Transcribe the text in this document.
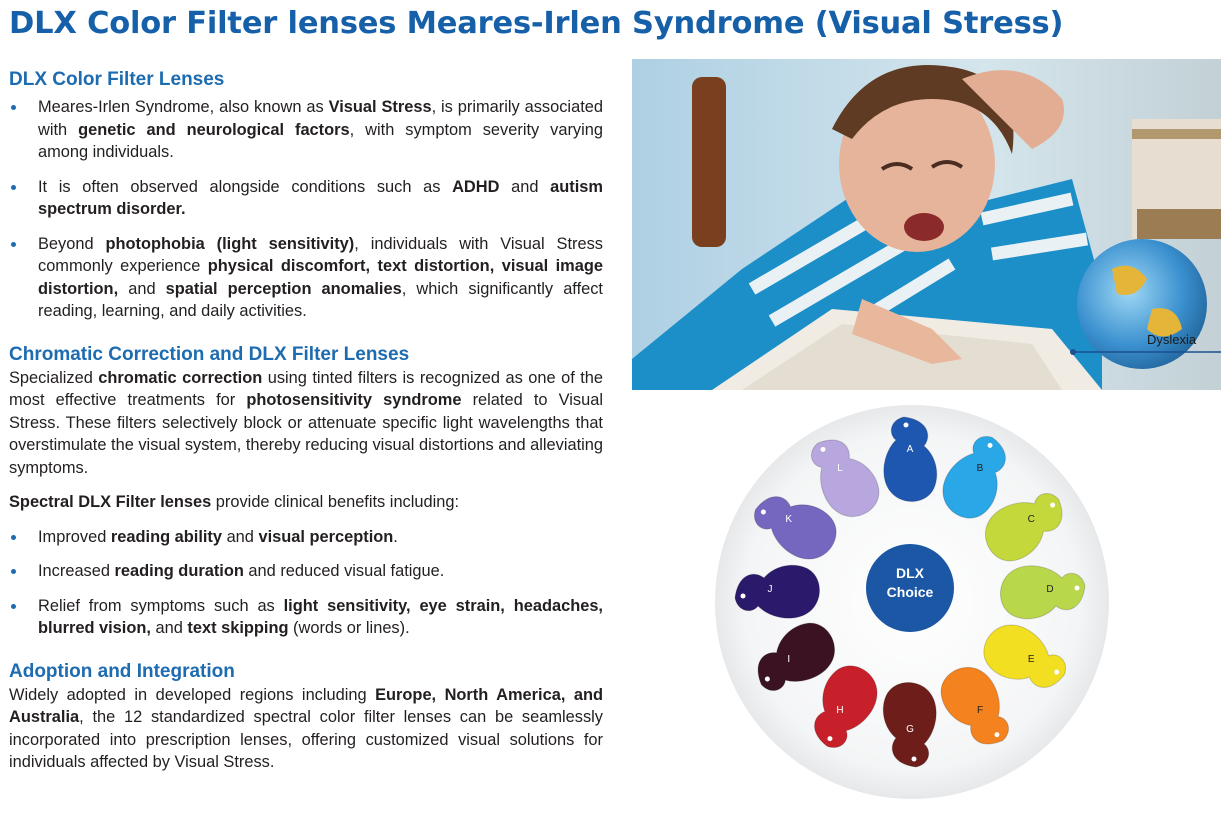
DLX Color Filter lenses Meares-Irlen Syndrome (Visual Stress)
DLX Color Filter Lenses
Meares-Irlen Syndrome, also known as Visual Stress, is primarily associated with genetic and neurological factors, with symptom severity varying among individuals.
It is often observed alongside conditions such as ADHD and autism spectrum disorder.
Beyond photophobia (light sensitivity), individuals with Visual Stress commonly experience physical discomfort, text distortion, visual image distortion, and spatial perception anomalies, which significantly affect reading, learning, and daily activities.
Chromatic Correction and DLX Filter Lenses

Specialized chromatic correction using tinted filters is recognized as one of the most effective treatments for photosensitivity syndrome related to Visual Stress. These filters selectively block or attenuate specific light wavelengths that overstimulate the visual system, thereby reducing visual distortions and alleviating symptoms.

Spectral DLX Filter lenses provide clinical benefits including:

Improved reading ability and visual perception.
Increased reading duration and reduced visual fatigue.
Relief from symptoms such as light sensitivity, eye strain, headaches, blurred vision, and text skipping (words or lines).
Adoption and Integration

Widely adopted in developed regions including Europe, North America, and Australia, the 12 standardized spectral color filter lenses can be seamlessly incorporated into prescription lenses, offering customized visual solutions for individuals affected by Visual Stress.

Dyslexia
A
B
C
D
E
F
G
H
I
J
K
L
DLX
Choice
